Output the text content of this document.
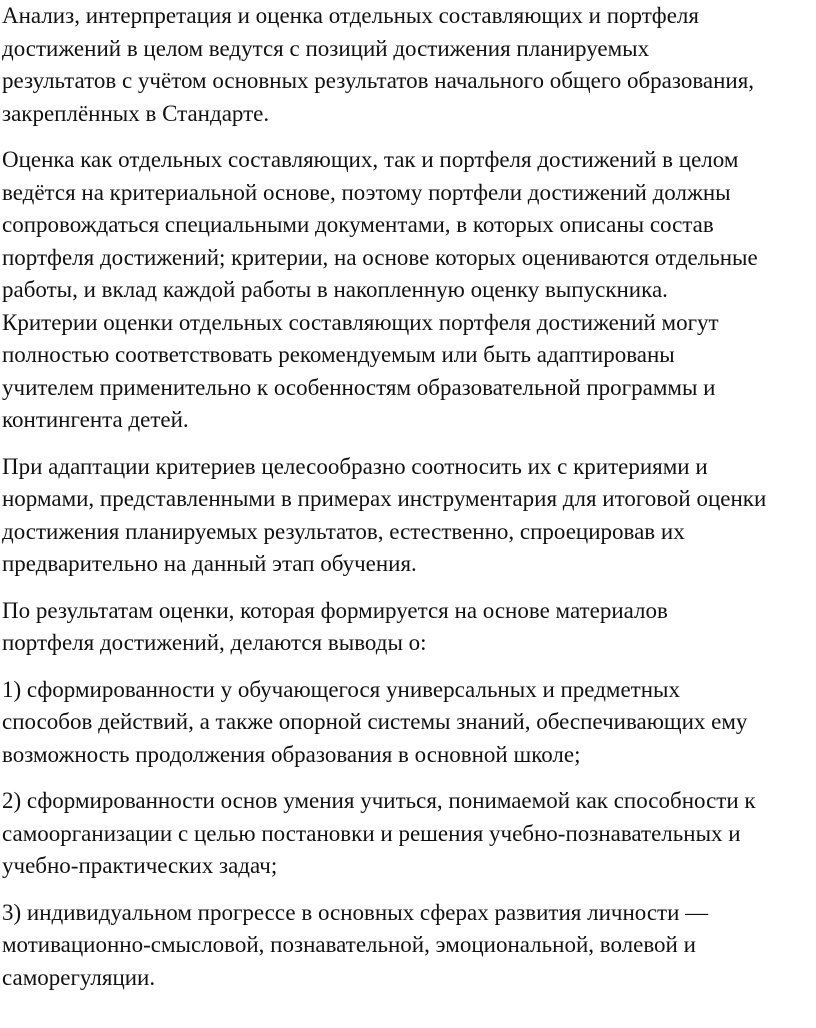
Анализ, интерпретация и оценка отдельных составляющих и портфеля
достижений в целом ведутся с позиций достижения планируемых
результатов с учётом основных результатов начального общего образования,
закреплённых в Стандарте.

Оценка как отдельных составляющих, так и портфеля достижений в целом
ведётся на критериальной основе, поэтому портфели достижений должны
сопровождаться специальными документами, в которых описаны состав
портфеля достижений; критерии, на основе которых оцениваются отдельные
работы, и вклад каждой работы в накопленную оценку выпускника.
Критерии оценки отдельных составляющих портфеля достижений могут
полностью соответствовать рекомендуемым или быть адаптированы
учителем применительно к особенностям образовательной программы и
контингента детей.

При адаптации критериев целесообразно соотносить их с критериями и
нормами, представленными в примерах инструментария для итоговой оценки
достижения планируемых результатов, естественно, спроецировав их
предварительно на данный этап обучения.

По результатам оценки, которая формируется на основе материалов
портфеля достижений, делаются выводы о:

1) сформированности у обучающегося универсальных и предметных
способов действий, а также опорной системы знаний, обеспечивающих ему
возможность продолжения образования в основной школе;

2) сформированности основ умения учиться, понимаемой как способности к
самоорганизации с целью постановки и решения учебно-познавательных и
учебно-практических задач;

3) индивидуальном прогрессе в основных сферах развития личности —
мотивационно-смысловой, познавательной, эмоциональной, волевой и
саморегуляции.
